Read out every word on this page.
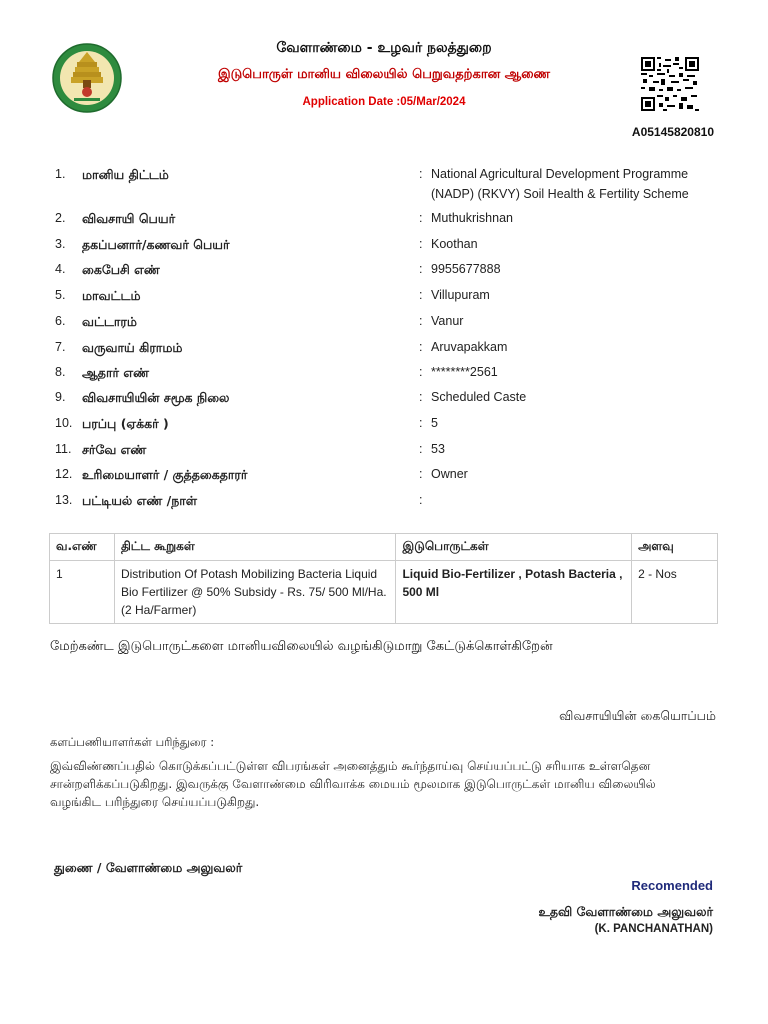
வேளாண்மை - உழவர் நலத்துறை
இடுபொருள் மானிய விலையில் பெறுவதற்கான ஆணை
Application Date :05/Mar/2024
A05145820810
1. மானிய திட்டம்	: National Agricultural Development Programme (NADP) (RKVY) Soil Health & Fertility Scheme
2. விவசாயி பெயர்	: Muthukrishnan
3. தகப்பனார்/கணவர் பெயர்	: Koothan
4. கைபேசி எண்	: 9955677888
5. மாவட்டம்	: Villupuram
6. வட்டாரம்	: Vanur
7. வருவாய் கிராமம்	: Aruvapakkam
8. ஆதார் எண்	: ********2561
9. விவசாயியின் சமூக நிலை	: Scheduled Caste
10. பரப்பு (ஏக்கர் )	: 5
11. சர்வே எண்	: 53
12. உரிமையாளர் / குத்தகைதாரர்	: Owner
13. பட்டியல் எண் /நாள்	:
வ.எண்	திட்ட கூறுகள்	இடுபொருட்கள்	அளவு
1	Distribution Of Potash Mobilizing Bacteria Liquid Bio Fertilizer @ 50% Subsidy - Rs. 75/ 500 Ml/Ha.(2 Ha/Farmer)	Liquid Bio-Fertilizer , Potash Bacteria , 500 Ml	2 - Nos
மேற்கண்ட இடுபொருட்களை மானியவிலையில் வழங்கிடுமாறு கேட்டுக்கொள்கிறேன்
விவசாயியின் கையொப்பம்
களப்பணியாளர்கள் பரிந்துரை :
இவ்விண்ணப்பதில் கொடுக்கப்பட்டுள்ள விபரங்கள் அனைத்தும் கூர்ந்தாய்வு செய்யப்பட்டு சரியாக உள்ளதென சான்றளிக்கப்படுகிறது. இவருக்கு வேளாண்மை விரிவாக்க மையம் மூலமாக இடுபொருட்கள் மானிய விலையில் வழங்கிட பரிந்துரை செய்யப்படுகிறது.
துணை / வேளாண்மை அலுவலர்
Recomended
உதவி வேளாண்மை அலுவலர்
(K. PANCHANATHAN)
